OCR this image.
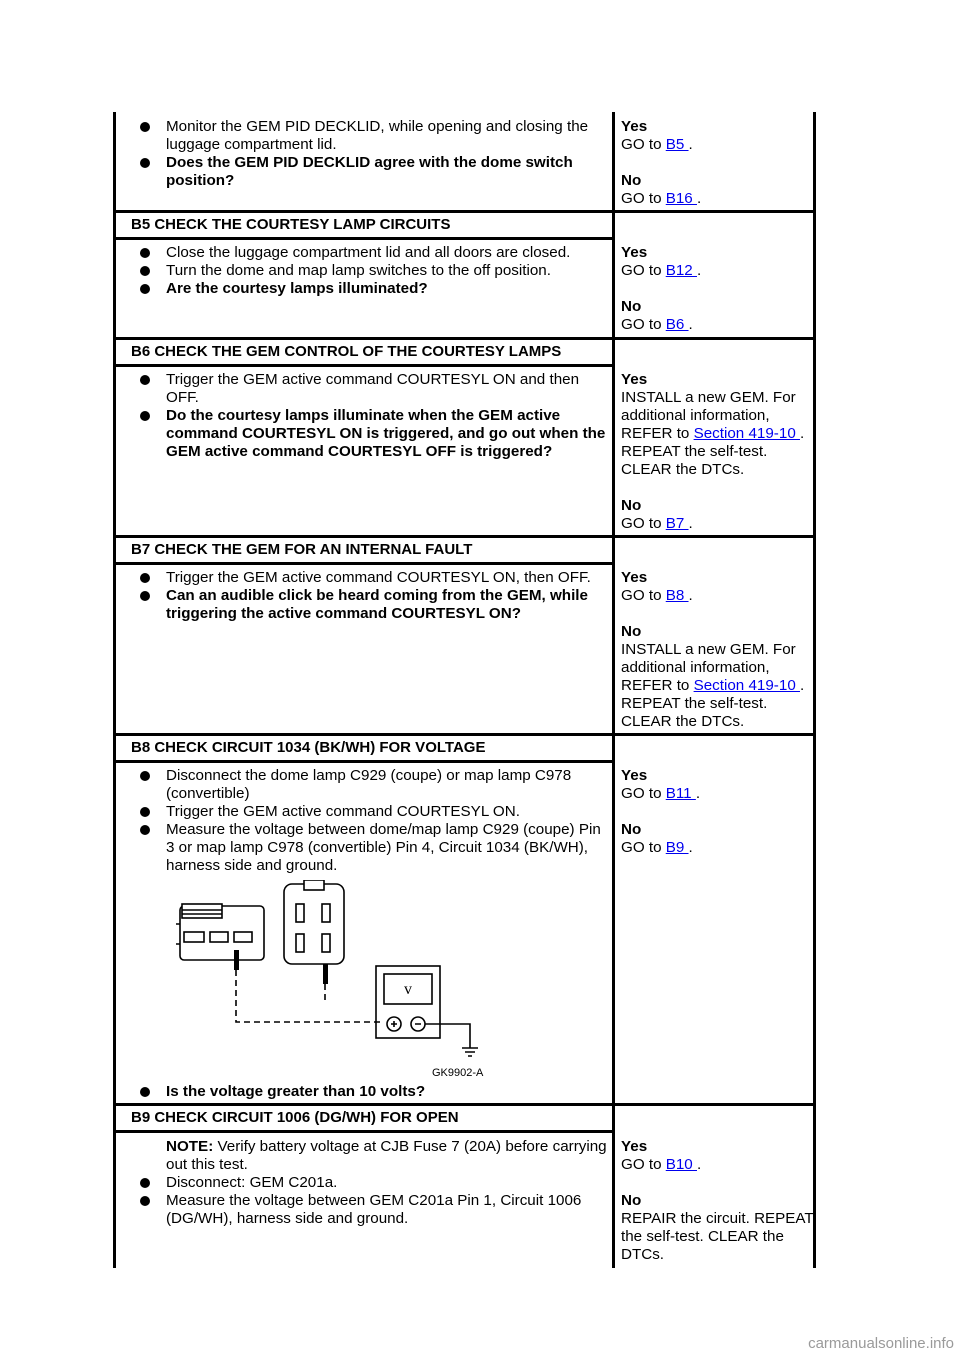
Monitor the GEM PID DECKLID, while opening and closing the luggage compartment lid.
Does the GEM PID DECKLID agree with the dome switch position?
Yes
GO to B5 .
No
GO to B16 .
B5 CHECK THE COURTESY LAMP CIRCUITS
Close the luggage compartment lid and all doors are closed.
Turn the dome and map lamp switches to the off position.
Are the courtesy lamps illuminated?
Yes
GO to B12 .
No
GO to B6 .
B6 CHECK THE GEM CONTROL OF THE COURTESY LAMPS
Trigger the GEM active command COURTESYL ON and then OFF.
Do the courtesy lamps illuminate when the GEM active command COURTESYL ON is triggered, and go out when the GEM active command COURTESYL OFF is triggered?
Yes
INSTALL a new GEM. For additional information, REFER to Section 419-10 . REPEAT the self-test. CLEAR the DTCs.
No
GO to B7 .
B7 CHECK THE GEM FOR AN INTERNAL FAULT
Trigger the GEM active command COURTESYL ON, then OFF.
Can an audible click be heard coming from the GEM, while triggering the active command COURTESYL ON?
Yes
GO to B8 .
No
INSTALL a new GEM. For additional information, REFER to Section 419-10 . REPEAT the self-test. CLEAR the DTCs.
B8 CHECK CIRCUIT 1034 (BK/WH) FOR VOLTAGE
Disconnect the dome lamp C929 (coupe) or map lamp C978 (convertible)
Trigger the GEM active command COURTESYL ON.
Measure the voltage between dome/map lamp C929 (coupe) Pin 3 or map lamp C978 (convertible) Pin 4, Circuit 1034 (BK/WH), harness side and ground.
Yes
GO to B11 .
No
GO to B9 .
v
GK9902-A
Is the voltage greater than 10 volts?
B9 CHECK CIRCUIT 1006 (DG/WH) FOR OPEN
NOTE: Verify battery voltage at CJB Fuse 7 (20A) before carrying out this test.
Disconnect: GEM C201a.
Measure the voltage between GEM C201a Pin 1, Circuit 1006 (DG/WH), harness side and ground.
Yes
GO to B10 .
No
REPAIR the circuit. REPEAT the self-test. CLEAR the DTCs.
carmanualsonline.info
